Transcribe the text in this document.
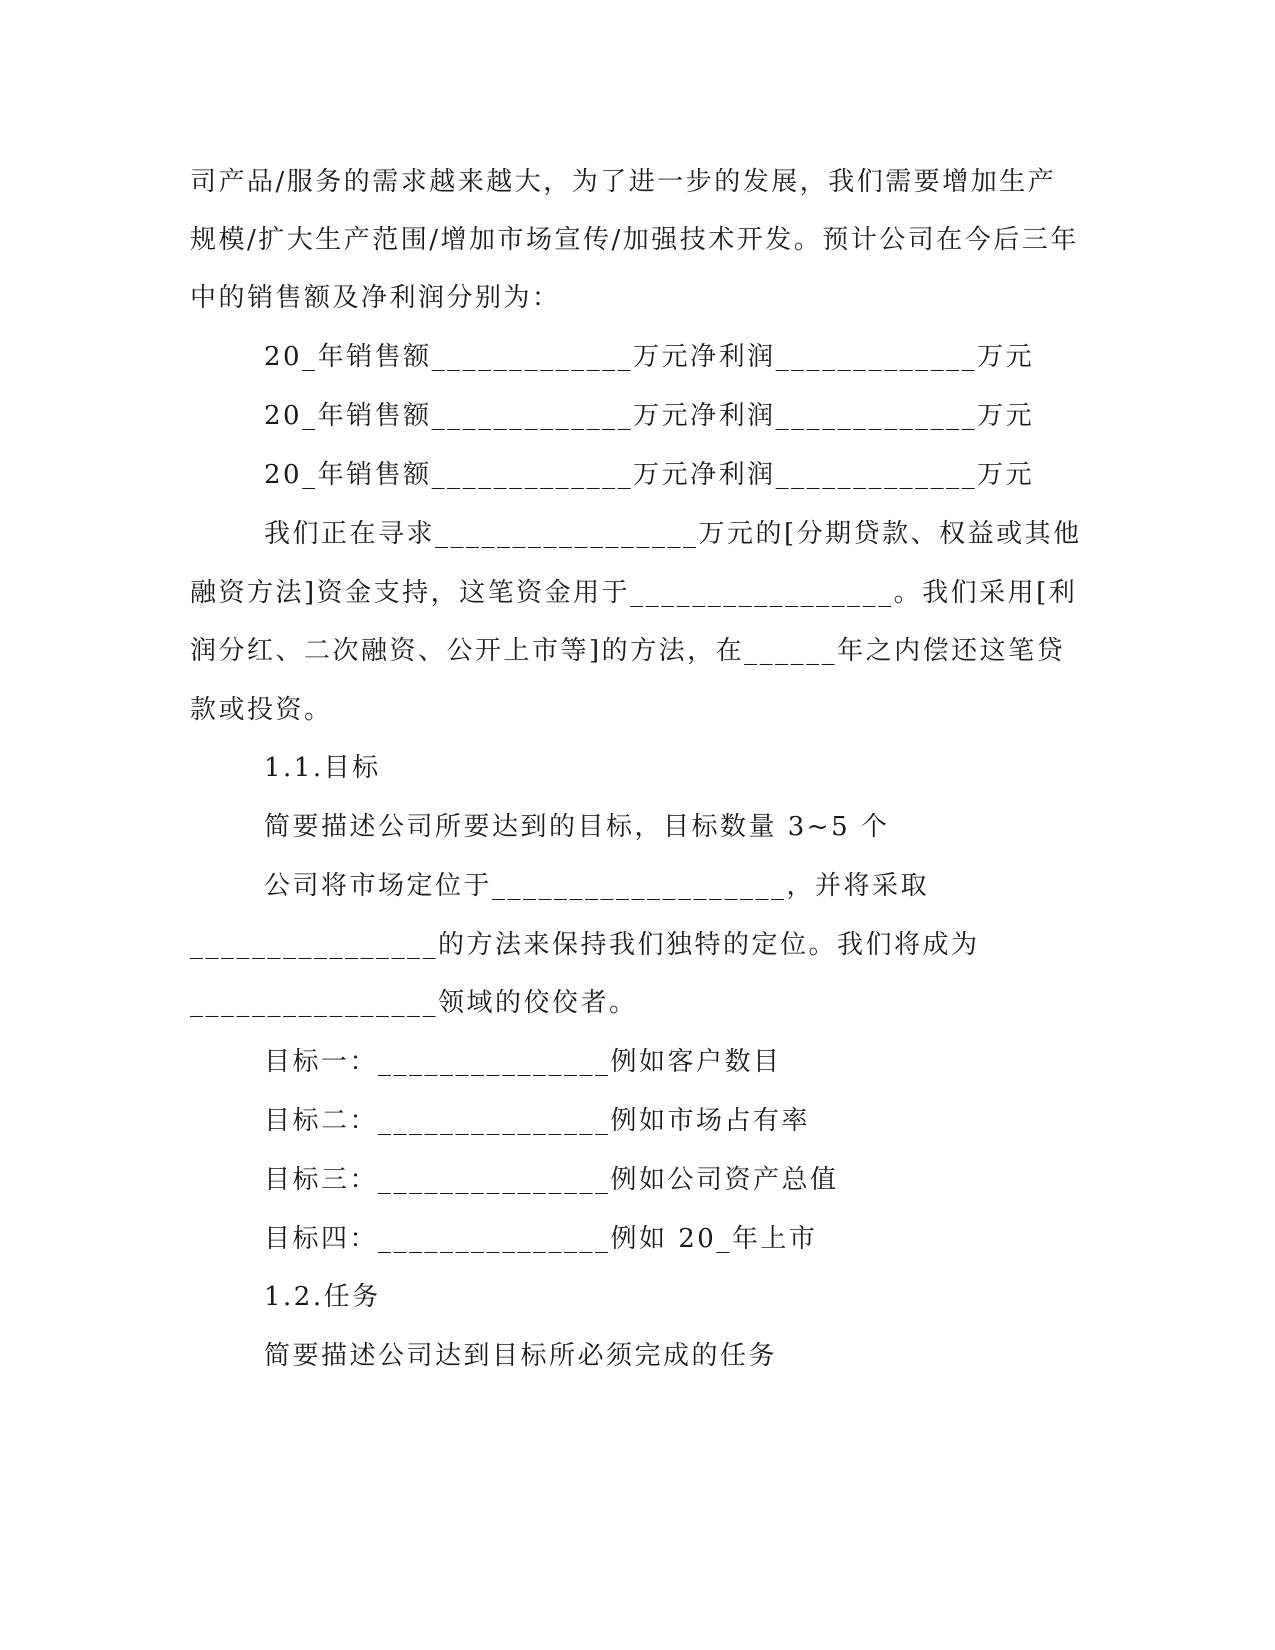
司产品/服务的需求越来越大，为了进一步的发展，我们需要增加生产
规模/扩大生产范围/增加市场宣传/加强技术开发。预计公司在今后三年
中的销售额及净利润分别为：
20_年销售额_____________万元净利润_____________万元
20_年销售额_____________万元净利润_____________万元
20_年销售额_____________万元净利润_____________万元
我们正在寻求_________________万元的[分期贷款、权益或其他
融资方法]资金支持，这笔资金用于_________________。我们采用[利
润分红、二次融资、公开上市等]的方法，在______年之内偿还这笔贷
款或投资。
1.1.目标
简要描述公司所要达到的目标，目标数量 3~5 个
公司将市场定位于___________________，并将采取
________________的方法来保持我们独特的定位。我们将成为
________________领域的佼佼者。
目标一：_______________例如客户数目
目标二：_______________例如市场占有率
目标三：_______________例如公司资产总值
目标四：_______________例如 20_年上市
1.2.任务
简要描述公司达到目标所必须完成的任务
